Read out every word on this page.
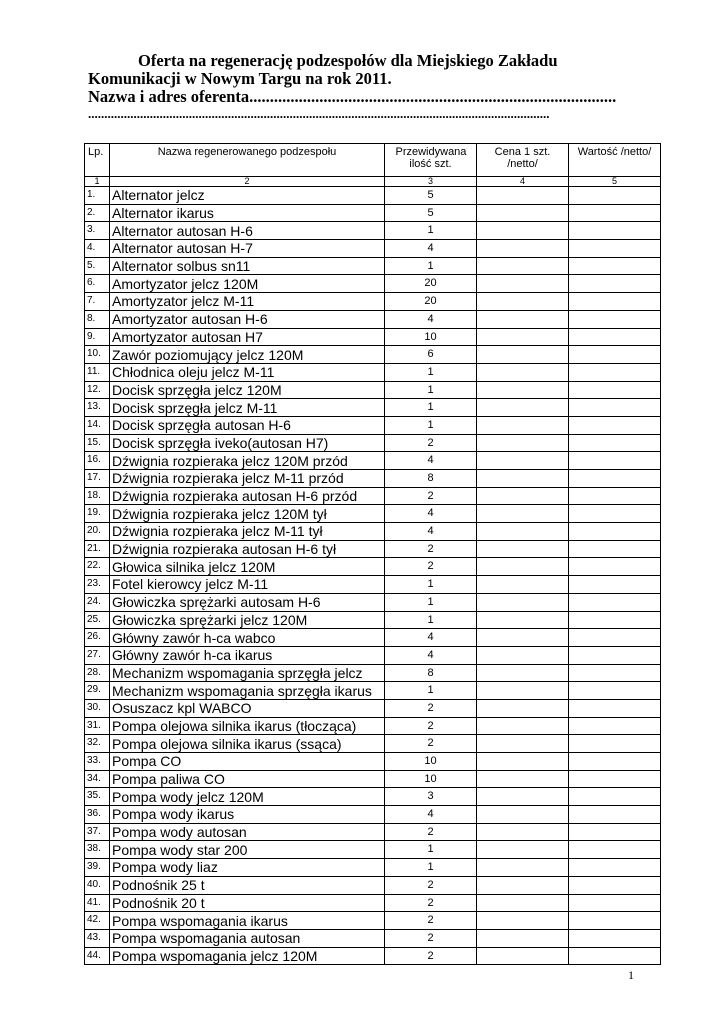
Oferta na regenerację podzespołów dla Miejskiego Zakładu
Komunikacji w Nowym Targu na rok 2011.
Nazwa i adres oferenta.........................................................................................
..............................................................................................................................................
Lp.	Nazwa regenerowanego podzespołu	Przewidywana ilość szt.	Cena 1 szt. /netto/	Wartość /netto/
1	2	3	4	5
1.	Alternator jelcz	5		
2.	Alternator ikarus	5		
3.	Alternator autosan H-6	1		
4.	Alternator autosan H-7	4		
5.	Alternator solbus sn11	1		
6.	Amortyzator jelcz 120M	20		
7.	Amortyzator jelcz M-11	20		
8.	Amortyzator autosan H-6	4		
9.	Amortyzator autosan H7	10		
10.	Zawór poziomujący jelcz 120M	6		
11.	Chłodnica oleju jelcz M-11	1		
12.	Docisk sprzęgła jelcz 120M	1		
13.	Docisk sprzęgła jelcz M-11	1		
14.	Docisk sprzęgła autosan H-6	1		
15.	Docisk sprzęgła iveko(autosan H7)	2		
16.	Dźwignia rozpieraka jelcz 120M przód	4		
17.	Dźwignia rozpieraka jelcz M-11 przód	8		
18.	Dźwignia rozpieraka autosan H-6 przód	2		
19.	Dźwignia rozpieraka jelcz 120M tył	4		
20.	Dźwignia rozpieraka jelcz M-11 tył	4		
21.	Dźwignia rozpieraka autosan H-6 tył	2		
22.	Głowica silnika jelcz 120M	2		
23.	Fotel kierowcy jelcz M-11	1		
24.	Głowiczka sprężarki autosam H-6	1		
25.	Głowiczka sprężarki jelcz 120M	1		
26.	Główny zawór h-ca wabco	4		
27.	Główny zawór h-ca ikarus	4		
28.	Mechanizm wspomagania sprzęgła jelcz	8		
29.	Mechanizm wspomagania sprzęgła ikarus	1		
30.	Osuszacz kpl WABCO	2		
31.	Pompa olejowa silnika ikarus (tłocząca)	2		
32.	Pompa olejowa silnika ikarus (ssąca)	2		
33.	Pompa CO	10		
34.	Pompa paliwa CO	10		
35.	Pompa wody jelcz 120M	3		
36.	Pompa wody ikarus	4		
37.	Pompa wody autosan	2		
38.	Pompa wody star 200	1		
39.	Pompa wody liaz	1		
40.	Podnośnik 25 t	2		
41.	Podnośnik 20 t	2		
42.	Pompa wspomagania ikarus	2		
43.	Pompa wspomagania autosan	2		
44.	Pompa wspomagania jelcz 120M	2		
1
